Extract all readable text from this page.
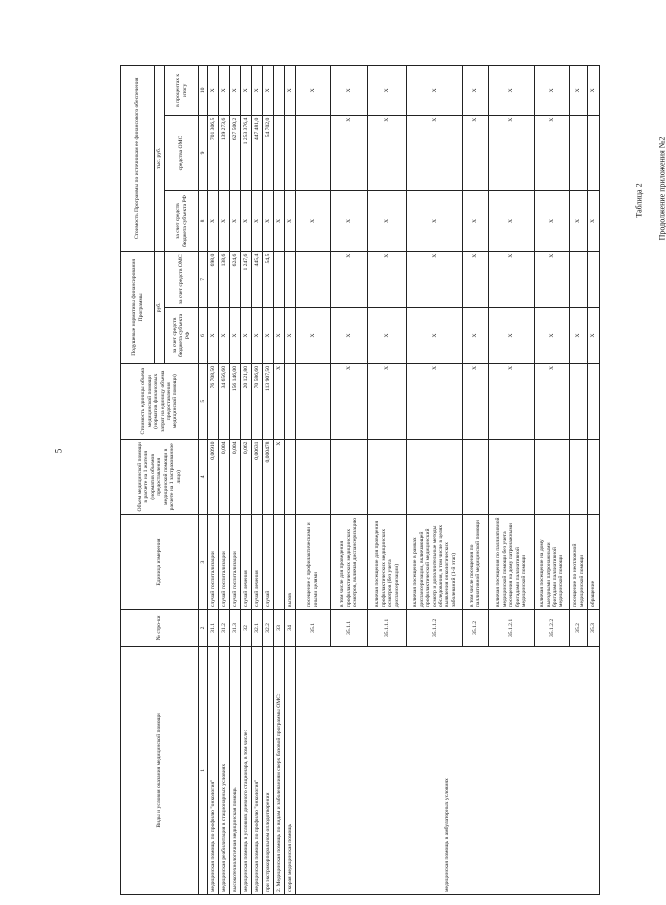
5
Продолжение приложения №2
Таблица 2
Виды и условия оказания медицинской помощи	№ стро-ки	Единица измерения	Объем медицинской помощи в расчете на 1 жителя (норматив объемов предоставления медицинской помощи в расчете на 1 застрахованное лицо)	Стоимость единицы объема медицинской помощи (норматив финансовых затрат на единицу объема предоставления медицинской помощи)	Подушевые нормативы финансирования Программы		Стоимость Программы по источникам ее финансового обеспечения		
					руб.		тыс. руб.		
					за счет средств бюджета субъекта РФ	за счет средств ОМС	за счет средств бюджета субъекта РФ	средства ОМС	в процентах к итогу
1	2	3	4	5	6	7	8	9	10
медицинская помощь по профилю "онкология"	31.1	случай госпитализации	0,00910	76 708,50	X	698,0	X	701 306,5	X
медицинская реабилитация в стационарных условиях	31.2	случай госпитализации	0,004	34 656,60	X	138,6	X	139 273,6	X
высокотехнологичная медицинская помощь	31.3	случай госпитализации	0,004	156 146,00	X	624,6	X	627 500,2	X
медицинская помощь в условиях дневного стационара, в том числе:	32	случай лечения	0,062	20 121,80	X	1 247,6	X	1 253 376,4	X
медицинская помощь по профилю "онкология"	32.1	случай лечения	0,00631	70 586,60	X	445,4	X	447 481,0	X
при экстракорпоральном оплодотворении	32.2	случай	0,000478	113 907,50	X	54,5	X	54 702,0	X
2. Медицинская помощь по видам и заболеваниям сверх базовой программы ОМС:	33		X	X	X		X		
скорая медицинская помощь	34	вызов			X		X		X
медицинская помощь в амбулаторных условиях	35.1	посещение с профилактическими и иными целями			X		X		X
	35.1.1	в том числе для проведения профилактических медицинских осмотров, включая диспансеризацию		X	X	X	X	X	X
	35.1.1.1	включая посещение для проведения профилактических медицинских осмотров (без учета диспансеризации)		X	X	X	X	X	X
	35.1.1.2	включая посещение в рамках диспансеризации, включающей профилактический медицинский осмотр и дополнительные методы обследования, в том числе в целях выявления онкологических заболеваний (1-й этап)		X	X	X	X	X	X
	35.1.2	в том числе посещения по паллиативной медицинской помощи		X	X	X	X	X	X
	35.1.2.1	включая посещения по паллиативной медицинской помощи без учета посещения на дому патронажными бригадами паллиативной медицинской помощи		X	X	X	X	X	X
	35.1.2.2	включая посещение на дому выездными патронажными бригадами паллиативной медицинской помощи		X	X	X	X	X	X
	35.2	посещение по неотложной медицинской помощи			X		X		X
	35.3	обращение			X		X		X
